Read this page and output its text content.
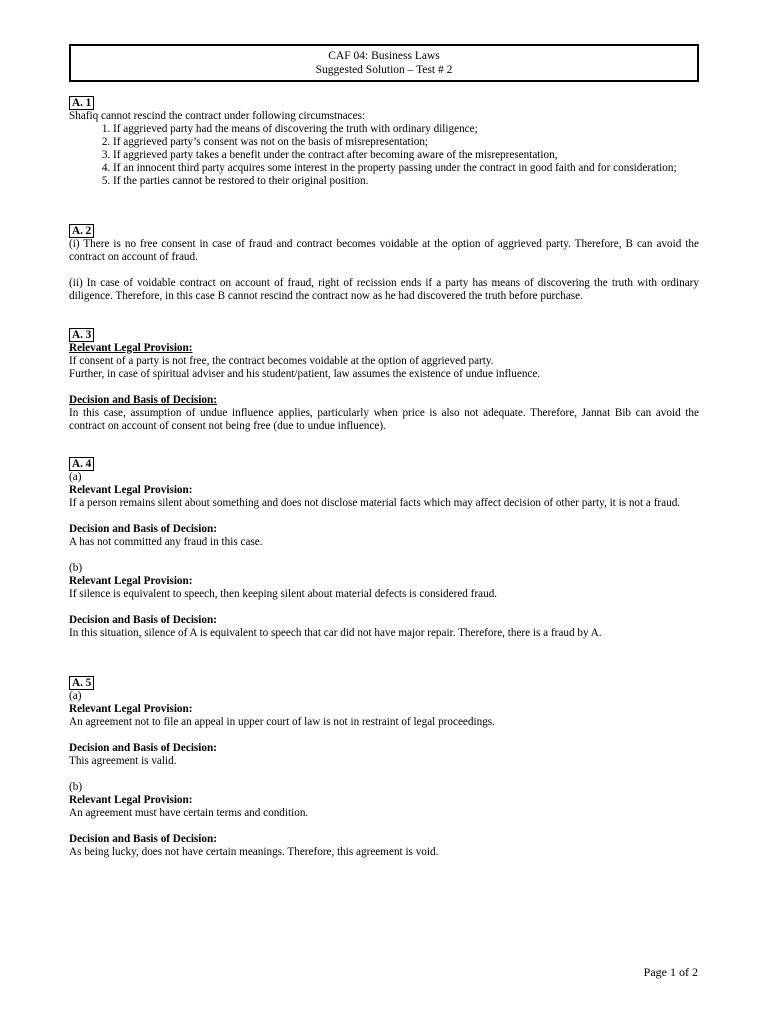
CAF 04: Business Laws
Suggested Solution – Test # 2
A. 1

Shafiq cannot rescind the contract under following circumstnaces:

1. If aggrieved party had the means of discovering the truth with ordinary diligence;
2. If aggrieved party’s consent was not on the basis of misrepresentation;
3. If aggrieved party takes a benefit under the contract after becoming aware of the misrepresentation,
4. If an innocent third party acquires some interest in the property passing under the contract in good faith and for consideration;
5. If the parties cannot be restored to their original position.
A. 2

(i) There is no free consent in case of fraud and contract becomes voidable at the option of aggrieved party. Therefore, B can avoid the contract on account of fraud.

(ii) In case of voidable contract on account of fraud, right of recission ends if a party has means of discovering the truth with ordinary diligence. Therefore, in this case B cannot rescind the contract now as he had discovered the truth before purchase.

A. 3

Relevant Legal Provision:

If consent of a party is not free, the contract becomes voidable at the option of aggrieved party.

Further, in case of spiritual adviser and his student/patient, law assumes the existence of undue influence.

Decision and Basis of Decision:

In this case, assumption of undue influence applies, particularly when price is also not adequate. Therefore, Jannat Bib can avoid the contract on account of consent not being free (due to undue influence).

A. 4

(a)

Relevant Legal Provision:

If a person remains silent about something and does not disclose material facts which may affect decision of other party, it is not a fraud.

Decision and Basis of Decision:

A has not committed any fraud in this case.

(b)

Relevant Legal Provision:

If silence is equivalent to speech, then keeping silent about material defects is considered fraud.

Decision and Basis of Decision:

In this situation, silence of A is equivalent to speech that car did not have major repair. Therefore, there is a fraud by A.

A. 5

(a)

Relevant Legal Provision:

An agreement not to file an appeal in upper court of law is not in restraint of legal proceedings.

Decision and Basis of Decision:

This agreement is valid.

(b)

Relevant Legal Provision:

An agreement must have certain terms and condition.

Decision and Basis of Decision:

As being lucky, does not have certain meanings. Therefore, this agreement is void.

Page 1 of 2
